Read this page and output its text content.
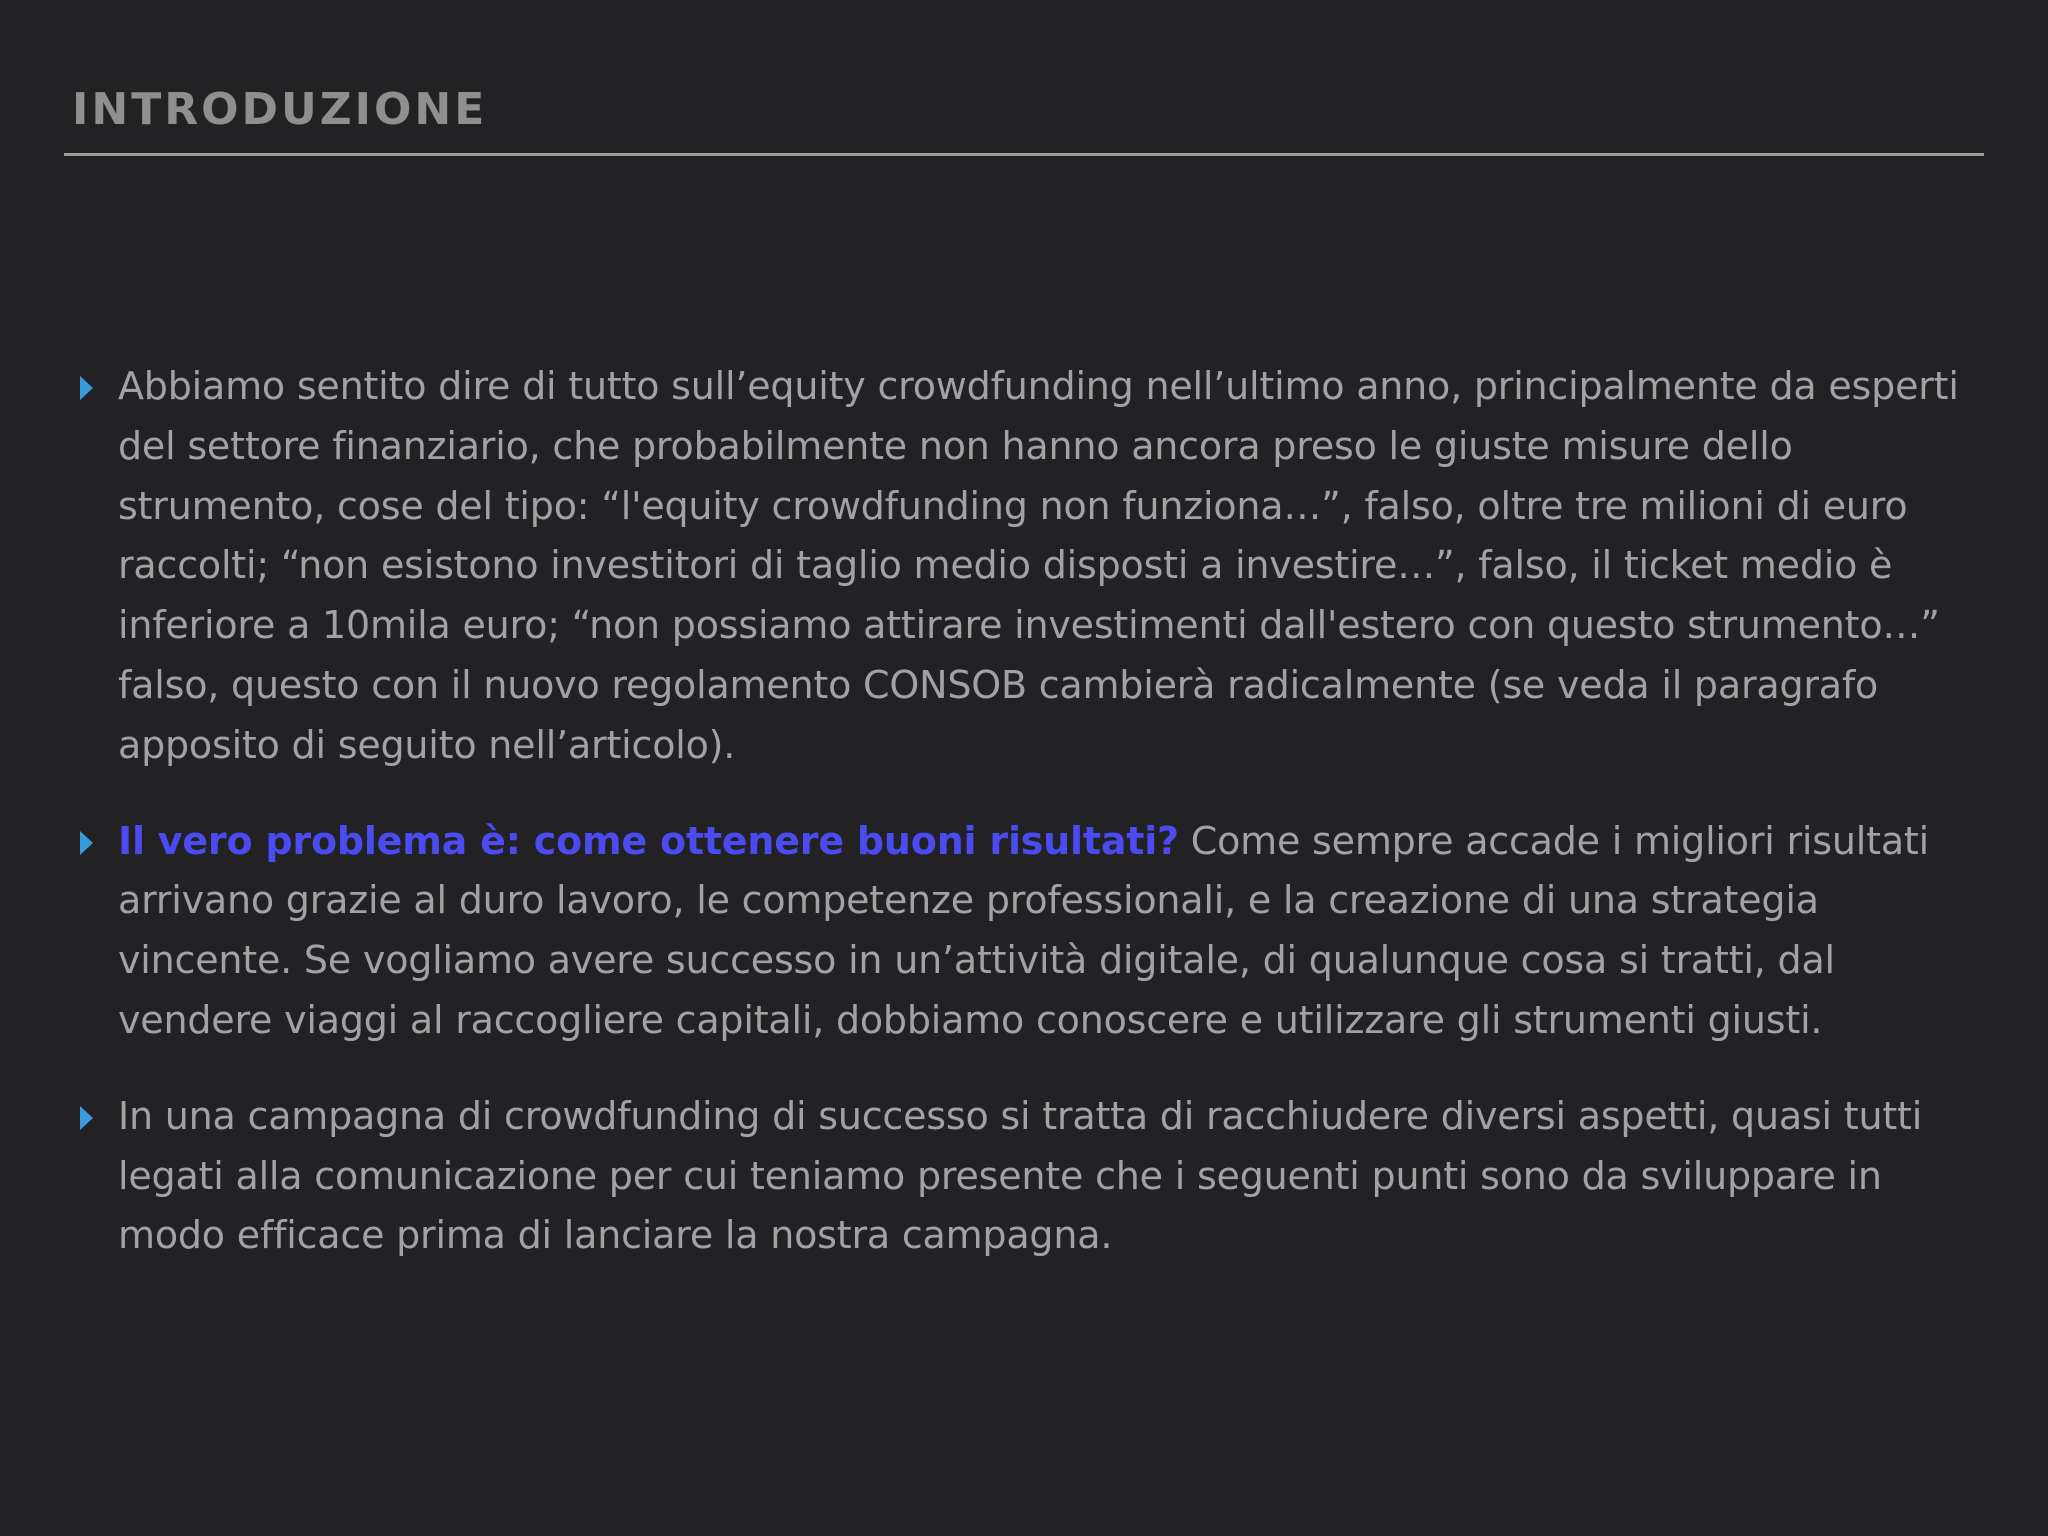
INTRODUZIONE
Abbiamo sentito dire di tutto sull’equity crowdfunding nell’ultimo anno, principalmente da esperti del settore finanziario, che probabilmente non hanno ancora preso le giuste misure dello strumento, cose del tipo: “l'equity crowdfunding non funziona…”, falso, oltre tre milioni di euro raccolti; “non esistono investitori di taglio medio disposti a investire…”, falso, il ticket medio è inferiore a 10mila euro; “non possiamo attirare investimenti dall'estero con questo strumento…” falso, questo con il nuovo regolamento CONSOB cambierà radicalmente (se veda il paragrafo apposito di seguito nell’articolo).
Il vero problema è: come ottenere buoni risultati? Come sempre accade i migliori risultati arrivano grazie al duro lavoro, le competenze professionali, e la creazione di una strategia vincente. Se vogliamo avere successo in un’attività digitale, di qualunque cosa si tratti, dal vendere viaggi al raccogliere capitali, dobbiamo conoscere e utilizzare gli strumenti giusti.
In una campagna di crowdfunding di successo si tratta di racchiudere diversi aspetti, quasi tutti legati alla comunicazione per cui teniamo presente che i seguenti punti sono da sviluppare in modo efficace prima di lanciare la nostra campagna.
